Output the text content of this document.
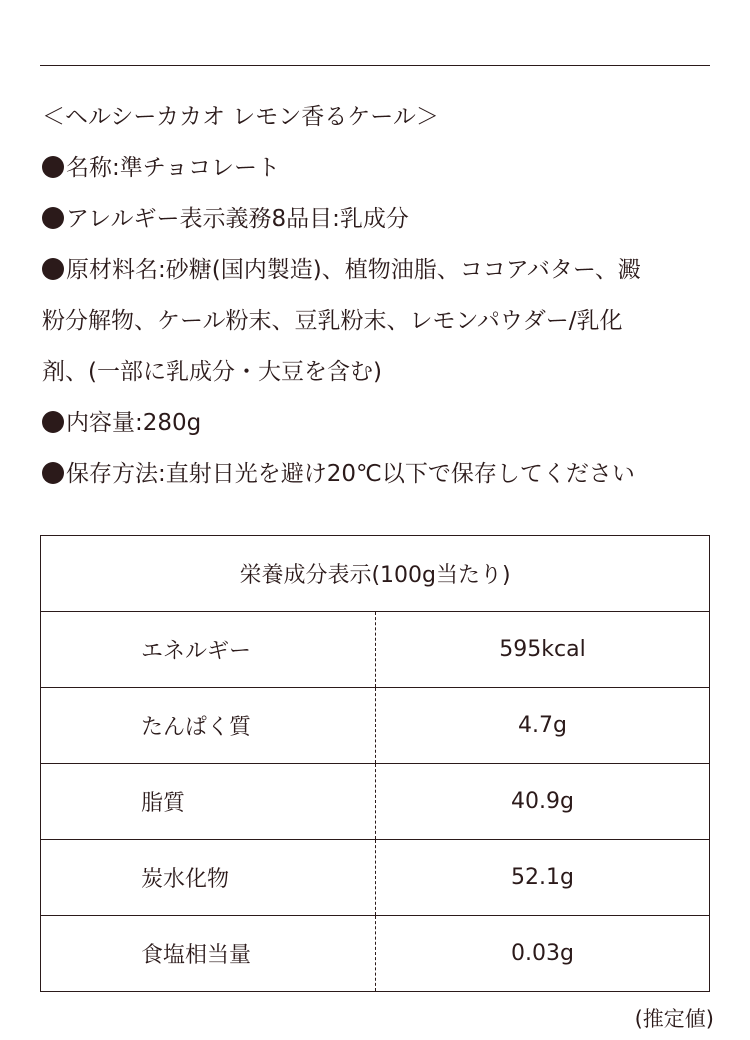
＜ヘルシーカカオ レモン香るケール＞

名称:準チョコレート

アレルギー表示義務8品目:乳成分

原材料名:砂糖(国内製造)、植物油脂、ココアバター、澱

粉分解物、ケール粉末、豆乳粉末、レモンパウダー/乳化

剤、(一部に乳成分・大豆を含む)

内容量:280g

保存方法:直射日光を避け20℃以下で保存してください

栄養成分表示(100g当たり)	
エネルギー	595kcal
たんぱく質	4.7g
脂質	40.9g
炭水化物	52.1g
食塩相当量	0.03g
(推定値)
